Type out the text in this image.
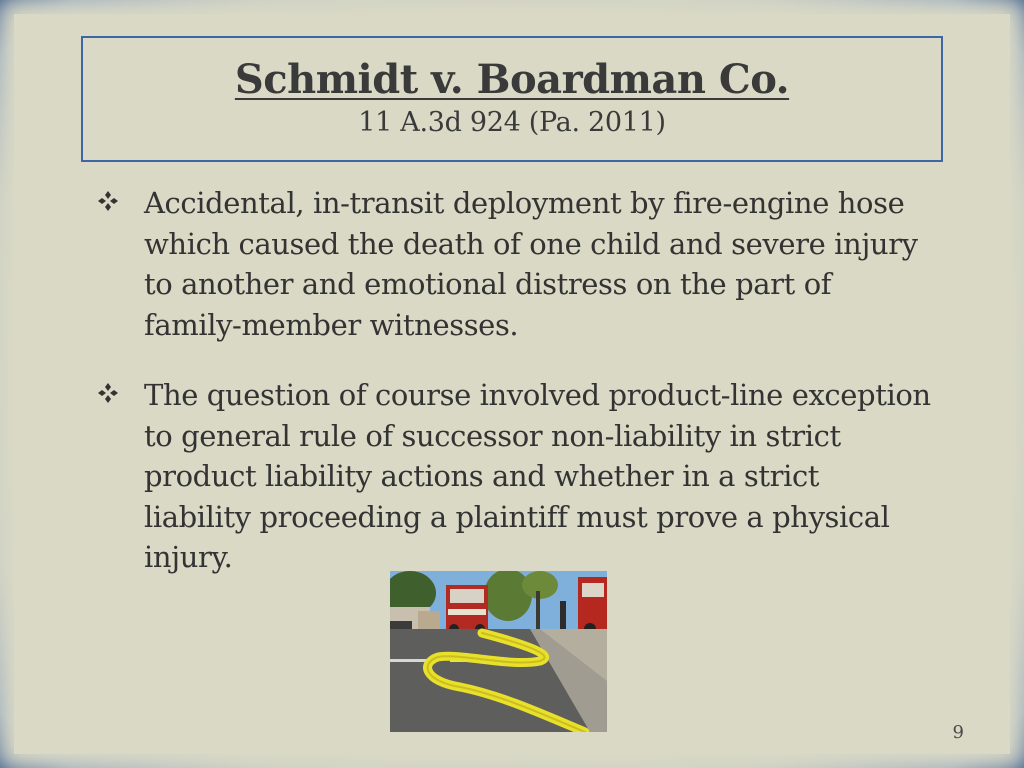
Schmidt v. Boardman Co.
11 A.3d 924 (Pa. 2011)
Accidental, in-transit deployment by fire-engine hose which caused the death of one child and severe injury to another and emotional distress on the part of family-member witnesses.
The question of course involved product-line exception to general rule of successor non-liability in strict product liability actions and whether in a strict liability proceeding a plaintiff must prove a physical injury.
9
